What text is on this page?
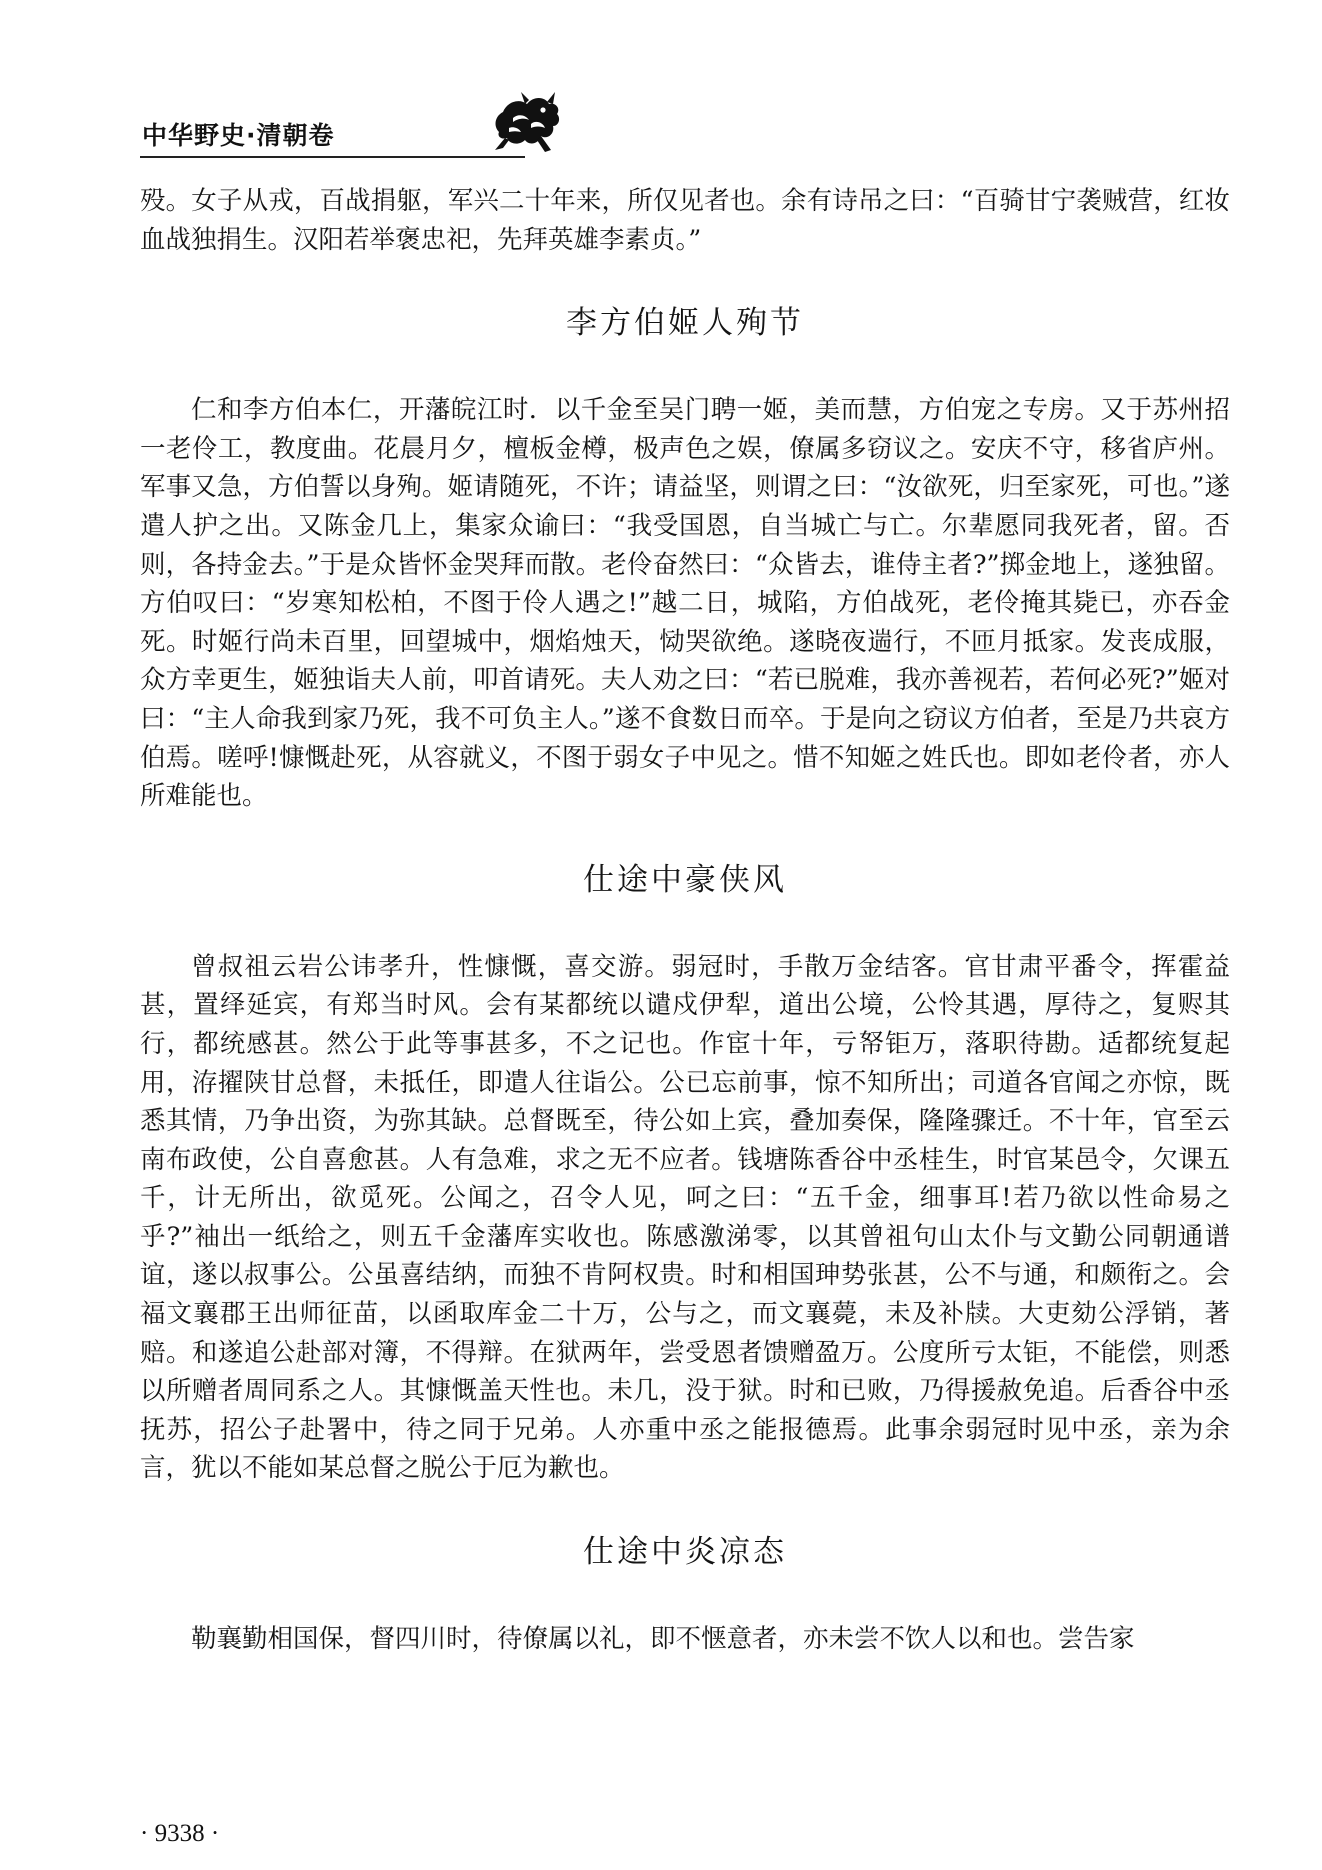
中华野史·清朝卷

殁。女子从戎，百战捐躯，军兴二十年来，所仅见者也。余有诗吊之曰：“百骑甘宁袭贼营，红妆血战独捐生。汉阳若举褒忠祀，先拜英雄李素贞。”

李方伯姬人殉节

仁和李方伯本仁，开藩皖江时．以千金至吴门聘一姬，美而慧，方伯宠之专房。又于苏州招一老伶工，教度曲。花晨月夕，檀板金樽，极声色之娱，僚属多窃议之。安庆不守，移省庐州。军事又急，方伯誓以身殉。姬请随死，不许；请益坚，则谓之曰：“汝欲死，归至家死，可也。”遂遣人护之出。又陈金几上，集家众谕曰：“我受国恩，自当城亡与亡。尔辈愿同我死者，留。否则，各持金去。”于是众皆怀金哭拜而散。老伶奋然曰：“众皆去，谁侍主者?”掷金地上，遂独留。方伯叹曰：“岁寒知松柏，不图于伶人遇之!”越二日，城陷，方伯战死，老伶掩其毙已，亦吞金死。时姬行尚未百里，回望城中，烟焰烛天，恸哭欲绝。遂晓夜遄行，不匝月抵家。发丧成服，众方幸更生，姬独诣夫人前，叩首请死。夫人劝之曰：“若已脱难，我亦善视若，若何必死?”姬对曰：“主人命我到家乃死，我不可负主人。”遂不食数日而卒。于是向之窃议方伯者，至是乃共哀方伯焉。嗟呼!慷慨赴死，从容就义，不图于弱女子中见之。惜不知姬之姓氏也。即如老伶者，亦人所难能也。

仕途中豪侠风

曾叔祖云岩公讳孝升，性慷慨，喜交游。弱冠时，手散万金结客。官甘肃平番令，挥霍益甚，置绎延宾，有郑当时风。会有某都统以谴戍伊犁，道出公境，公怜其遇，厚待之，复赆其行，都统感甚。然公于此等事甚多，不之记也。作宦十年，亏帑钜万，落职待勘。适都统复起用，洊擢陕甘总督，未抵任，即遣人往诣公。公已忘前事，惊不知所出；司道各官闻之亦惊，既悉其情，乃争出资，为弥其缺。总督既至，待公如上宾，叠加奏保，隆隆骤迁。不十年，官至云南布政使，公自喜愈甚。人有急难，求之无不应者。钱塘陈香谷中丞桂生，时官某邑令，欠课五千，计无所出，欲觅死。公闻之，召令人见，呵之曰：“五千金，细事耳!若乃欲以性命易之乎?”袖出一纸给之，则五千金藩库实收也。陈感激涕零，以其曾祖句山太仆与文勤公同朝通谱谊，遂以叔事公。公虽喜结纳，而独不肯阿权贵。时和相国珅势张甚，公不与通，和颇衔之。会福文襄郡王出师征苗，以函取库金二十万，公与之，而文襄薨，未及补牍。大吏劾公浮销，著赔。和遂追公赴部对簿，不得辩。在狱两年，尝受恩者馈赠盈万。公度所亏太钜，不能偿，则悉以所赠者周同系之人。其慷慨盖天性也。未几，没于狱。时和已败，乃得援赦免追。后香谷中丞抚苏，招公子赴署中，待之同于兄弟。人亦重中丞之能报德焉。此事余弱冠时见中丞，亲为余言，犹以不能如某总督之脱公于厄为歉也。

仕途中炎凉态

勒襄勤相国保，督四川时，待僚属以礼，即不惬意者，亦未尝不饮人以和也。尝告家

· 9338 ·
